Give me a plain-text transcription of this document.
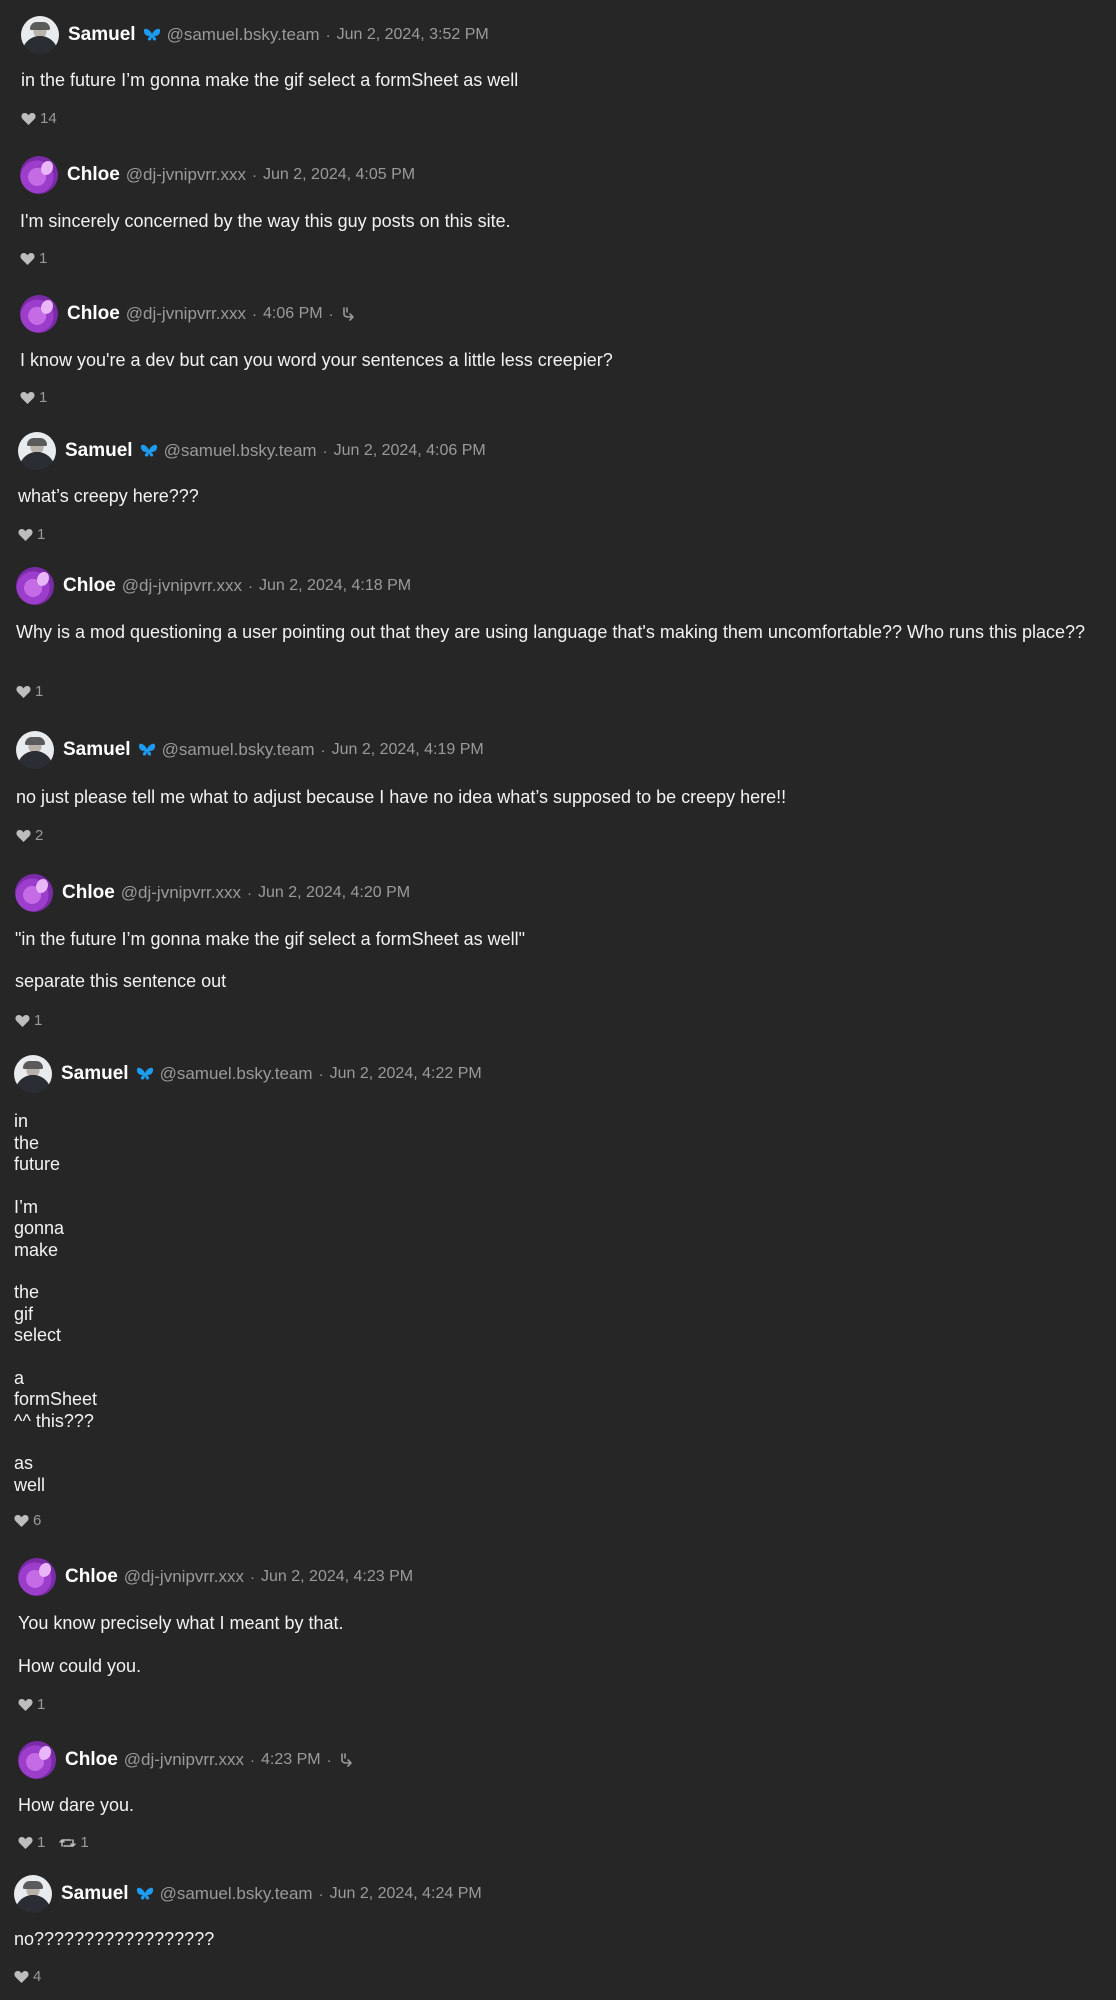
Samuel @samuel.bsky.team · Jun 2, 2024, 3:52 PM

in the future I’m gonna make the gif select a formSheet as well

14
Chloe @dj-jvnipvrr.xxx · Jun 2, 2024, 4:05 PM

I'm sincerely concerned by the way this guy posts on this site.

1
Chloe @dj-jvnipvrr.xxx · 4:06 PM ·

I know you're a dev but can you word your sentences a little less creepier?

1
Samuel @samuel.bsky.team · Jun 2, 2024, 4:06 PM

what’s creepy here???

1
Chloe @dj-jvnipvrr.xxx · Jun 2, 2024, 4:18 PM

Why is a mod questioning a user pointing out that they are using language that's making them uncomfortable?? Who runs this place??

1
Samuel @samuel.bsky.team · Jun 2, 2024, 4:19 PM

no just please tell me what to adjust because I have no idea what’s supposed to be creepy here!!

2
Chloe @dj-jvnipvrr.xxx · Jun 2, 2024, 4:20 PM

"in the future I’m gonna make the gif select a formSheet as well"

separate this sentence out

1
Samuel @samuel.bsky.team · Jun 2, 2024, 4:22 PM

in
the
future

I’m
gonna
make

the
gif
select

a
formSheet
^^ this???

as
well

6
Chloe @dj-jvnipvrr.xxx · Jun 2, 2024, 4:23 PM

You know precisely what I meant by that.

How could you.

1
Chloe @dj-jvnipvrr.xxx · 4:23 PM ·

How dare you.

1 1
Samuel @samuel.bsky.team · Jun 2, 2024, 4:24 PM

no??????????????????

4
